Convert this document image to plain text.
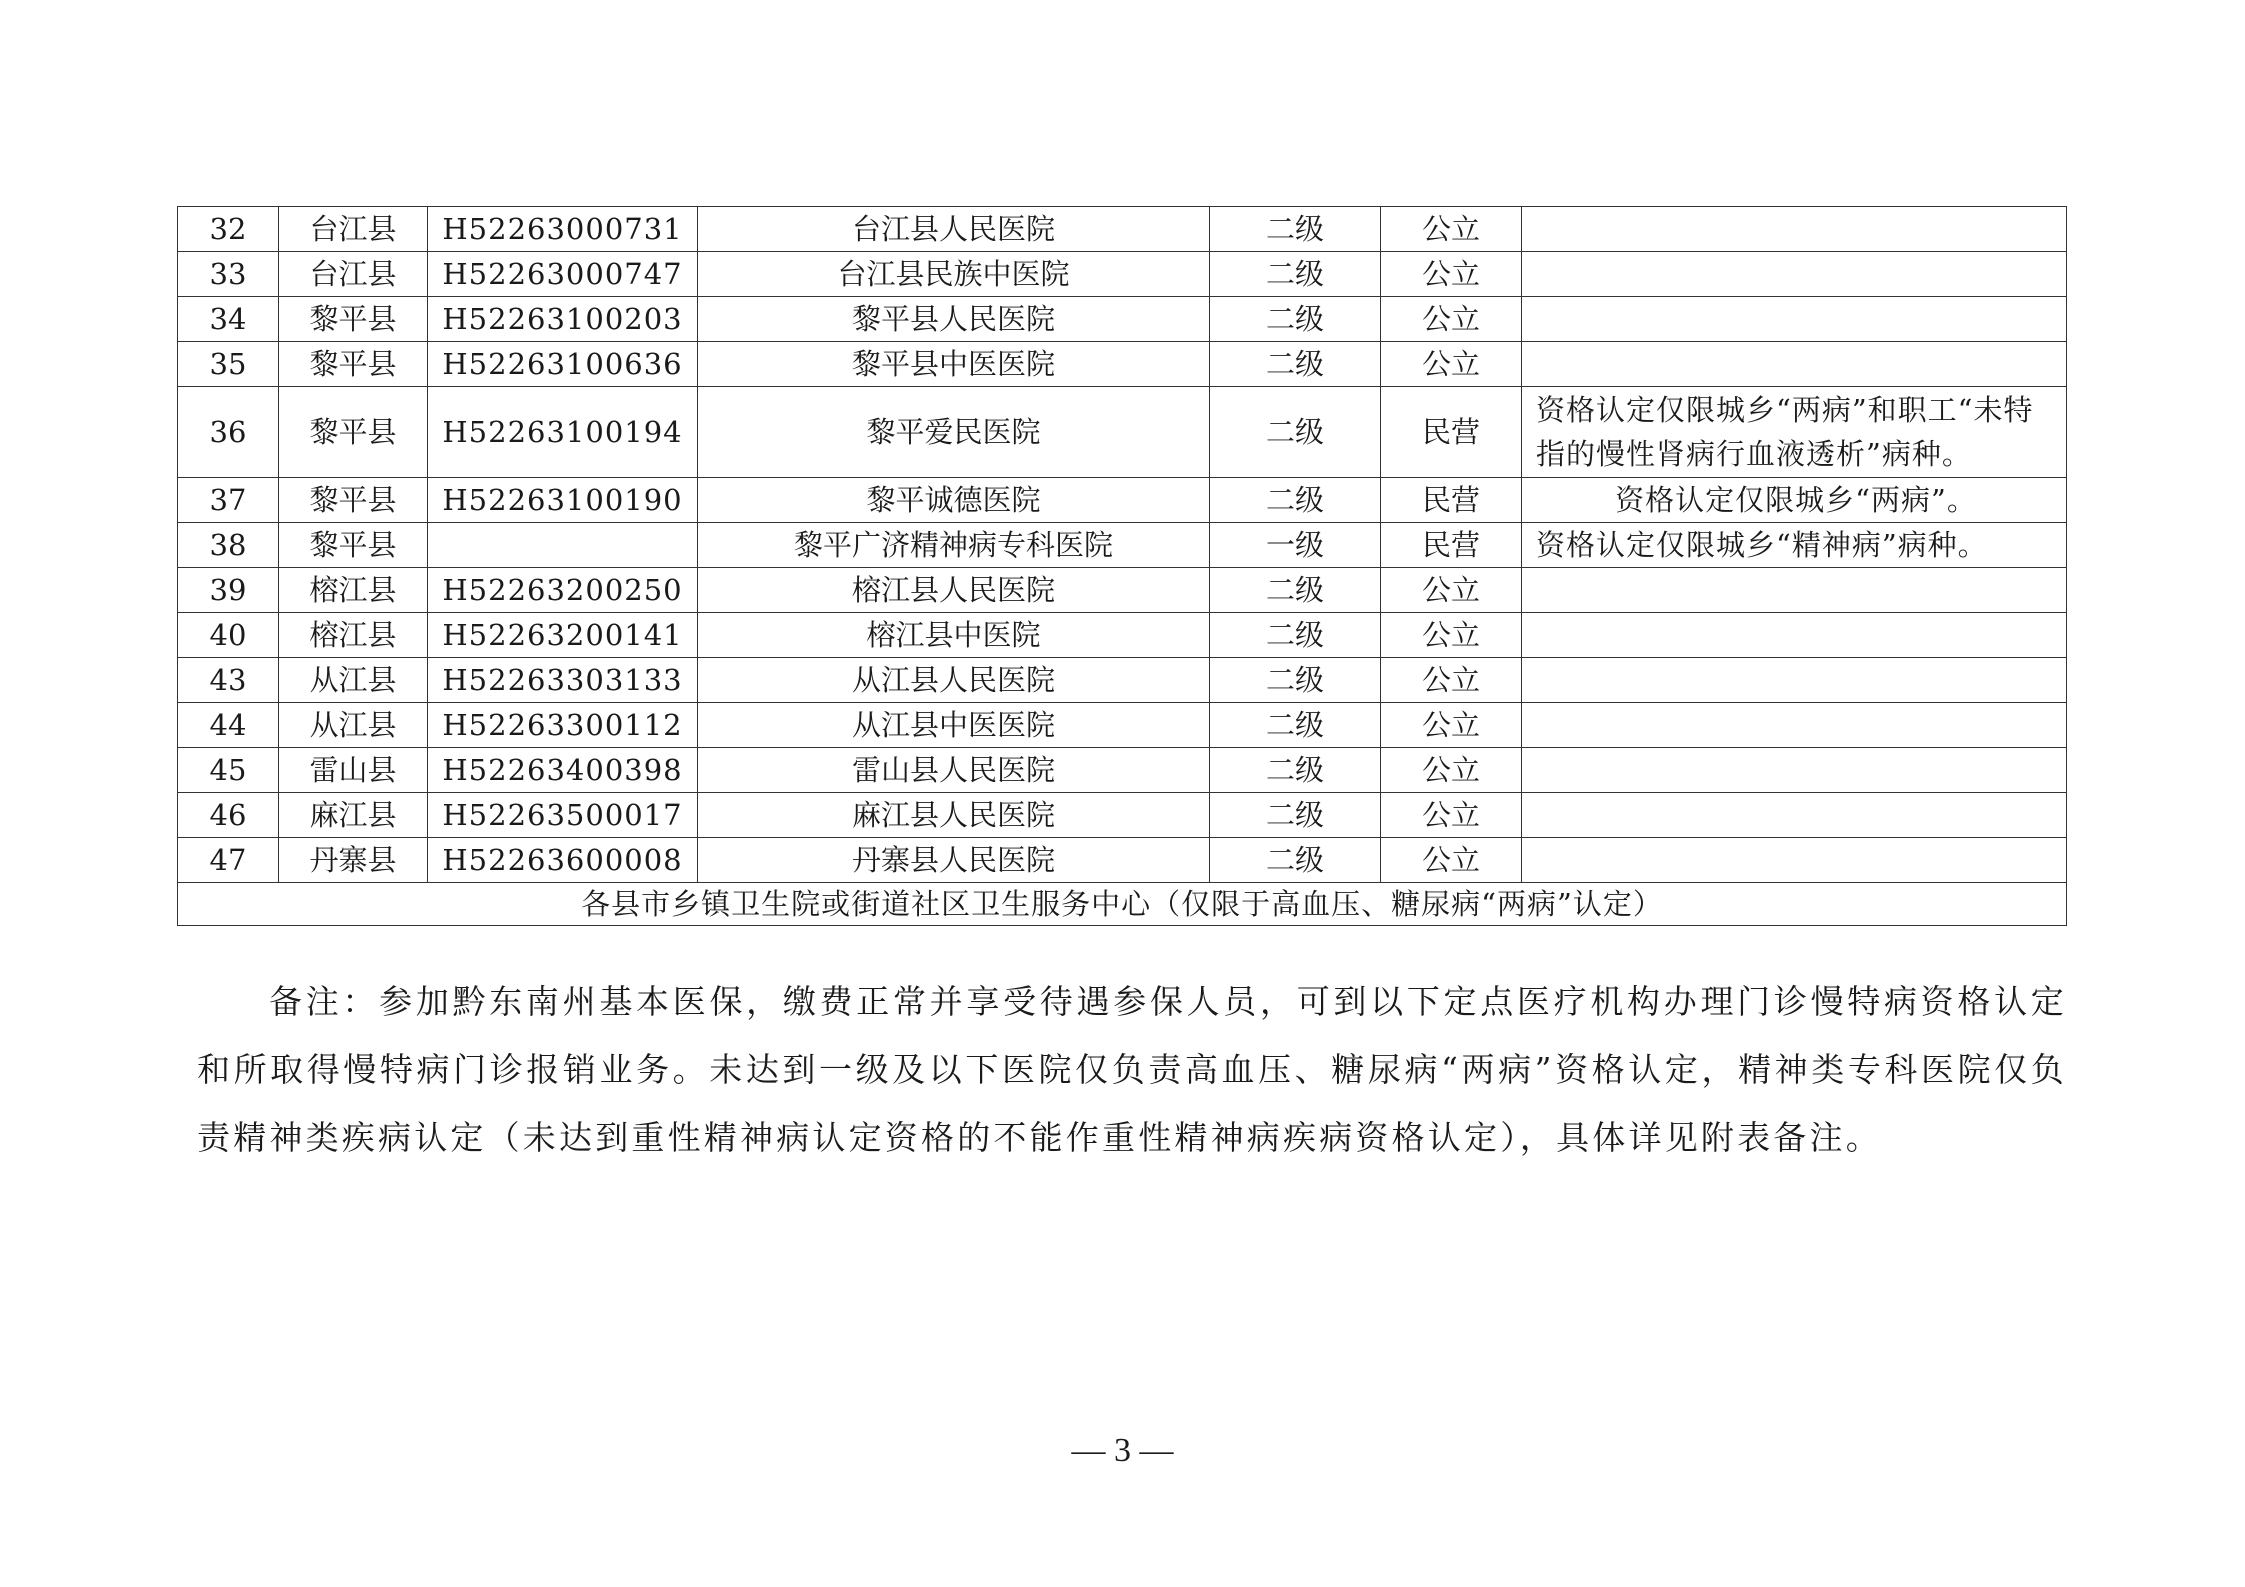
32	台江县	H52263000731	台江县人民医院	二级	公立	
33	台江县	H52263000747	台江县民族中医院	二级	公立	
34	黎平县	H52263100203	黎平县人民医院	二级	公立	
35	黎平县	H52263100636	黎平县中医医院	二级	公立	
36	黎平县	H52263100194	黎平爱民医院	二级	民营	资格认定仅限城乡“两病”和职工“未特指的慢性肾病行血液透析”病种。
37	黎平县	H52263100190	黎平诚德医院	二级	民营	资格认定仅限城乡“两病”。
38	黎平县		黎平广济精神病专科医院	一级	民营	资格认定仅限城乡“精神病”病种。
39	榕江县	H52263200250	榕江县人民医院	二级	公立	
40	榕江县	H52263200141	榕江县中医院	二级	公立	
43	从江县	H52263303133	从江县人民医院	二级	公立	
44	从江县	H52263300112	从江县中医医院	二级	公立	
45	雷山县	H52263400398	雷山县人民医院	二级	公立	
46	麻江县	H52263500017	麻江县人民医院	二级	公立	
47	丹寨县	H52263600008	丹寨县人民医院	二级	公立	
各县市乡镇卫生院或街道社区卫生服务中心（仅限于高血压、糖尿病“两病”认定）						

备注：参加黔东南州基本医保，缴费正常并享受待遇参保人员，可到以下定点医疗机构办理门诊慢特病资格认定和所取得慢特病门诊报销业务。未达到一级及以下医院仅负责高血压、糖尿病“两病”资格认定，精神类专科医院仅负责精神类疾病认定（未达到重性精神病认定资格的不能作重性精神病疾病资格认定），具体详见附表备注。

— 3 —
